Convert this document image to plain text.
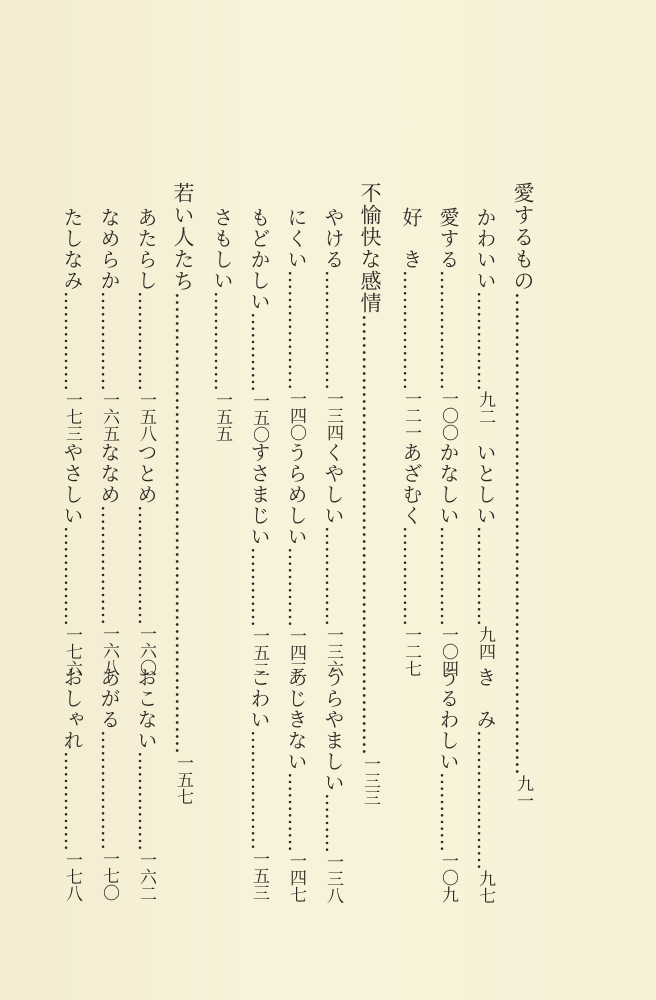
愛するもの……………………………………………………………九一
かわいい……………九二
いとしい……………九四
き　み…………………九七
愛する………………一〇〇
かなしい……………一〇四
うるわしい…………一〇九
好　き………………一二一
あざむく……………一二七
不愉快な感情………………………………………………………一三三
やける………………一三四
くやしい……………一三六
うらやましい………一三八
にくい………………一四〇
うらめしい…………一四三
あじきない…………一四七
もどかしい…………一五〇
すさまじい…………一五二
こわい………………一五三
さもしい……………一五五
若い人たち…………………………………………………………一五七
あたらし……………一五八
つとめ………………一六〇
おこない……………一六二
なめらか……………一六五
ななめ………………一六八
あがる………………一七〇
たしなみ……………一七三
やさしい……………一七六
おしゃれ……………一七八
